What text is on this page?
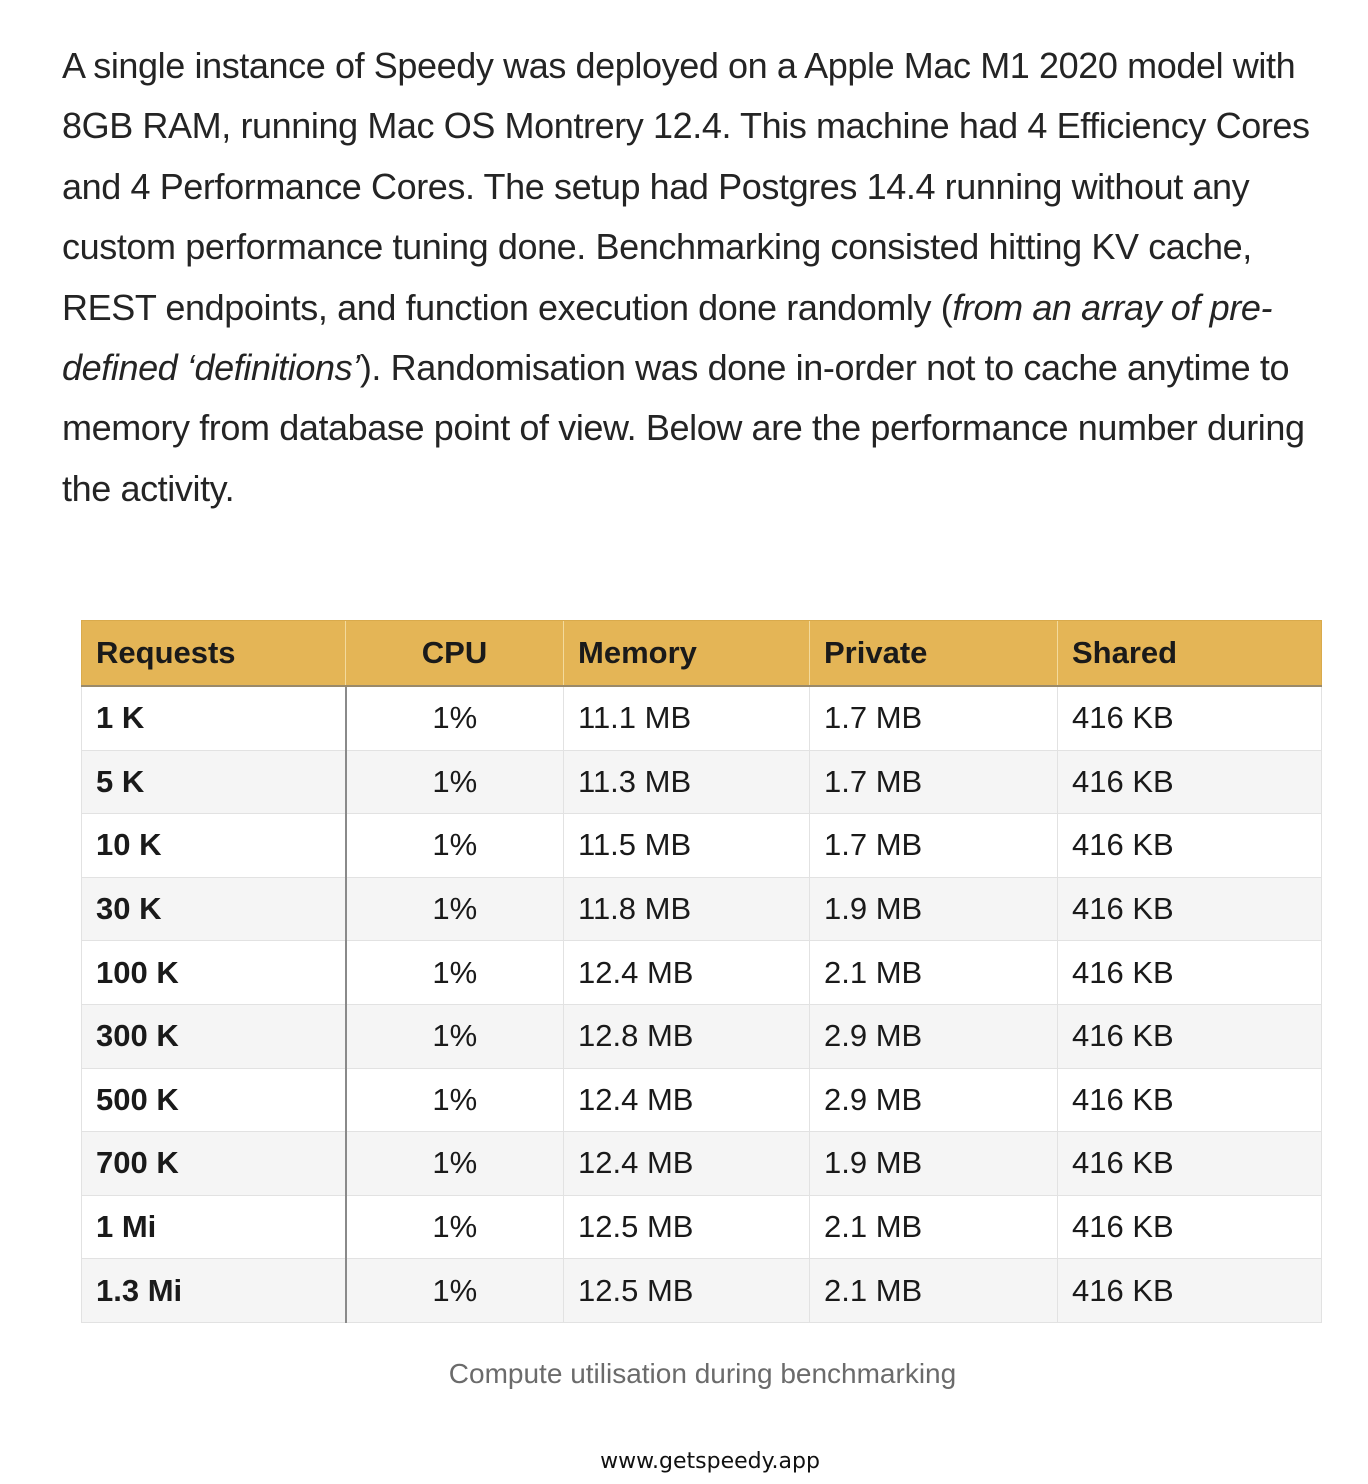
A single instance of Speedy was deployed on a Apple Mac M1 2020 model with 8GB RAM, running Mac OS Montrery 12.4. This machine had 4 Efficiency Cores and 4 Performance Cores. The setup had Postgres 14.4 running without any custom performance tuning done. Benchmarking consisted hitting KV cache, REST endpoints, and function execution done randomly (from an array of pre-defined ‘definitions’). Randomisation was done in-order not to cache anytime to memory from database point of view. Below are the performance number during the activity.

Requests	CPU	Memory	Private	Shared
1 K	1%	11.1 MB	1.7 MB	416 KB
5 K	1%	11.3 MB	1.7 MB	416 KB
10 K	1%	11.5 MB	1.7 MB	416 KB
30 K	1%	11.8 MB	1.9 MB	416 KB
100 K	1%	12.4 MB	2.1 MB	416 KB
300 K	1%	12.8 MB	2.9 MB	416 KB
500 K	1%	12.4 MB	2.9 MB	416 KB
700 K	1%	12.4 MB	1.9 MB	416 KB
1 Mi	1%	12.5 MB	2.1 MB	416 KB
1.3 Mi	1%	12.5 MB	2.1 MB	416 KB
Compute utilisation during benchmarking
www.getspeedy.app
